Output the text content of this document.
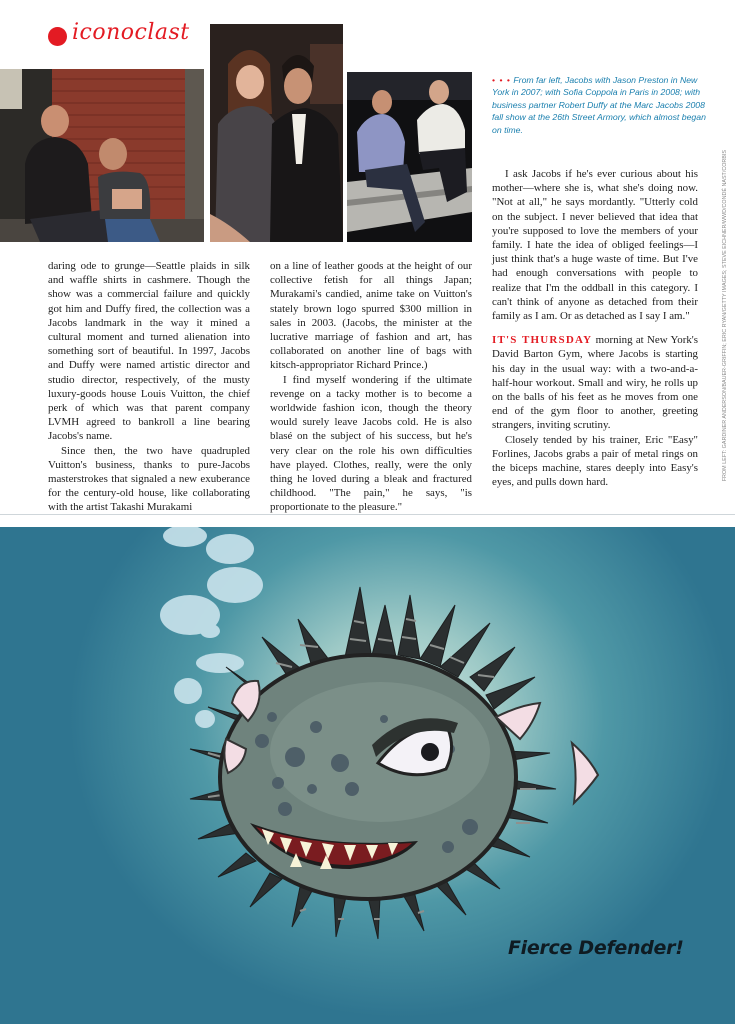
iconoclast

• • • From far left, Jacobs with Jason Preston in New York in 2007; with Sofia Coppola in Paris in 2008; with business partner Robert Duffy at the Marc Jacobs 2008 fall show at the 26th Street Armory, which almost began on time.

FROM LEFT: GARDINER ANDERSON/BAUER-GRIFFIN; ERIC RYAN/GETTY IMAGES; STEVE EICHNER/WWD/CONDÉ NAST/CORBIS

daring ode to grunge—Seattle plaids in silk and waffle shirts in cashmere. Though the show was a commercial failure and quickly got him and Duffy fired, the collection was a Jacobs landmark in the way it mined a cultural moment and turned alienation into something sort of beautiful. In 1997, Jacobs and Duffy were named artistic director and studio director, respectively, of the musty luxury-goods house Louis Vuitton, the chief perk of which was that parent company LVMH agreed to bankroll a line bearing Jacobs's name.

Since then, the two have quadrupled Vuitton's business, thanks to pure-Jacobs masterstrokes that signaled a new exuberance for the century-old house, like collaborating with the artist Takashi Murakami

on a line of leather goods at the height of our collective fetish for all things Japan; Murakami's candied, anime take on Vuitton's stately brown logo spurred $300 million in sales in 2003. (Jacobs, the minister at the lucrative marriage of fashion and art, has collaborated on another line of bags with kitsch-appropriator Richard Prince.)

I find myself wondering if the ultimate revenge on a tacky mother is to become a worldwide fashion icon, though the theory would surely leave Jacobs cold. He is also blasé on the subject of his success, but he's very clear on the role his own difficulties have played. Clothes, really, were the only thing he loved during a bleak and fractured childhood. "The pain," he says, "is proportionate to the pleasure."

I ask Jacobs if he's ever curious about his mother—where she is, what she's doing now. "Not at all," he says mordantly. "Utterly cold on the subject. I never believed that idea that you're supposed to love the members of your family. I hate the idea of obliged feelings—I just think that's a huge waste of time. But I've had enough conversations with people to realize that I'm the oddball in this category. I can't think of anyone as detached from their family as I am. Or as detached as I say I am."

IT'S THURSDAY morning at New York's David Barton Gym, where Jacobs is starting his day in the usual way: with a two-and-a-half-hour workout. Small and wiry, he rolls up on the balls of his feet as he moves from one end of the gym floor to another, greeting strangers, inviting scrutiny.

Closely tended by his trainer, Eric "Easy" Forlines, Jacobs grabs a pair of metal rings on the biceps machine, stares deeply into Easy's eyes, and pulls down hard.

Fierce Defender!
